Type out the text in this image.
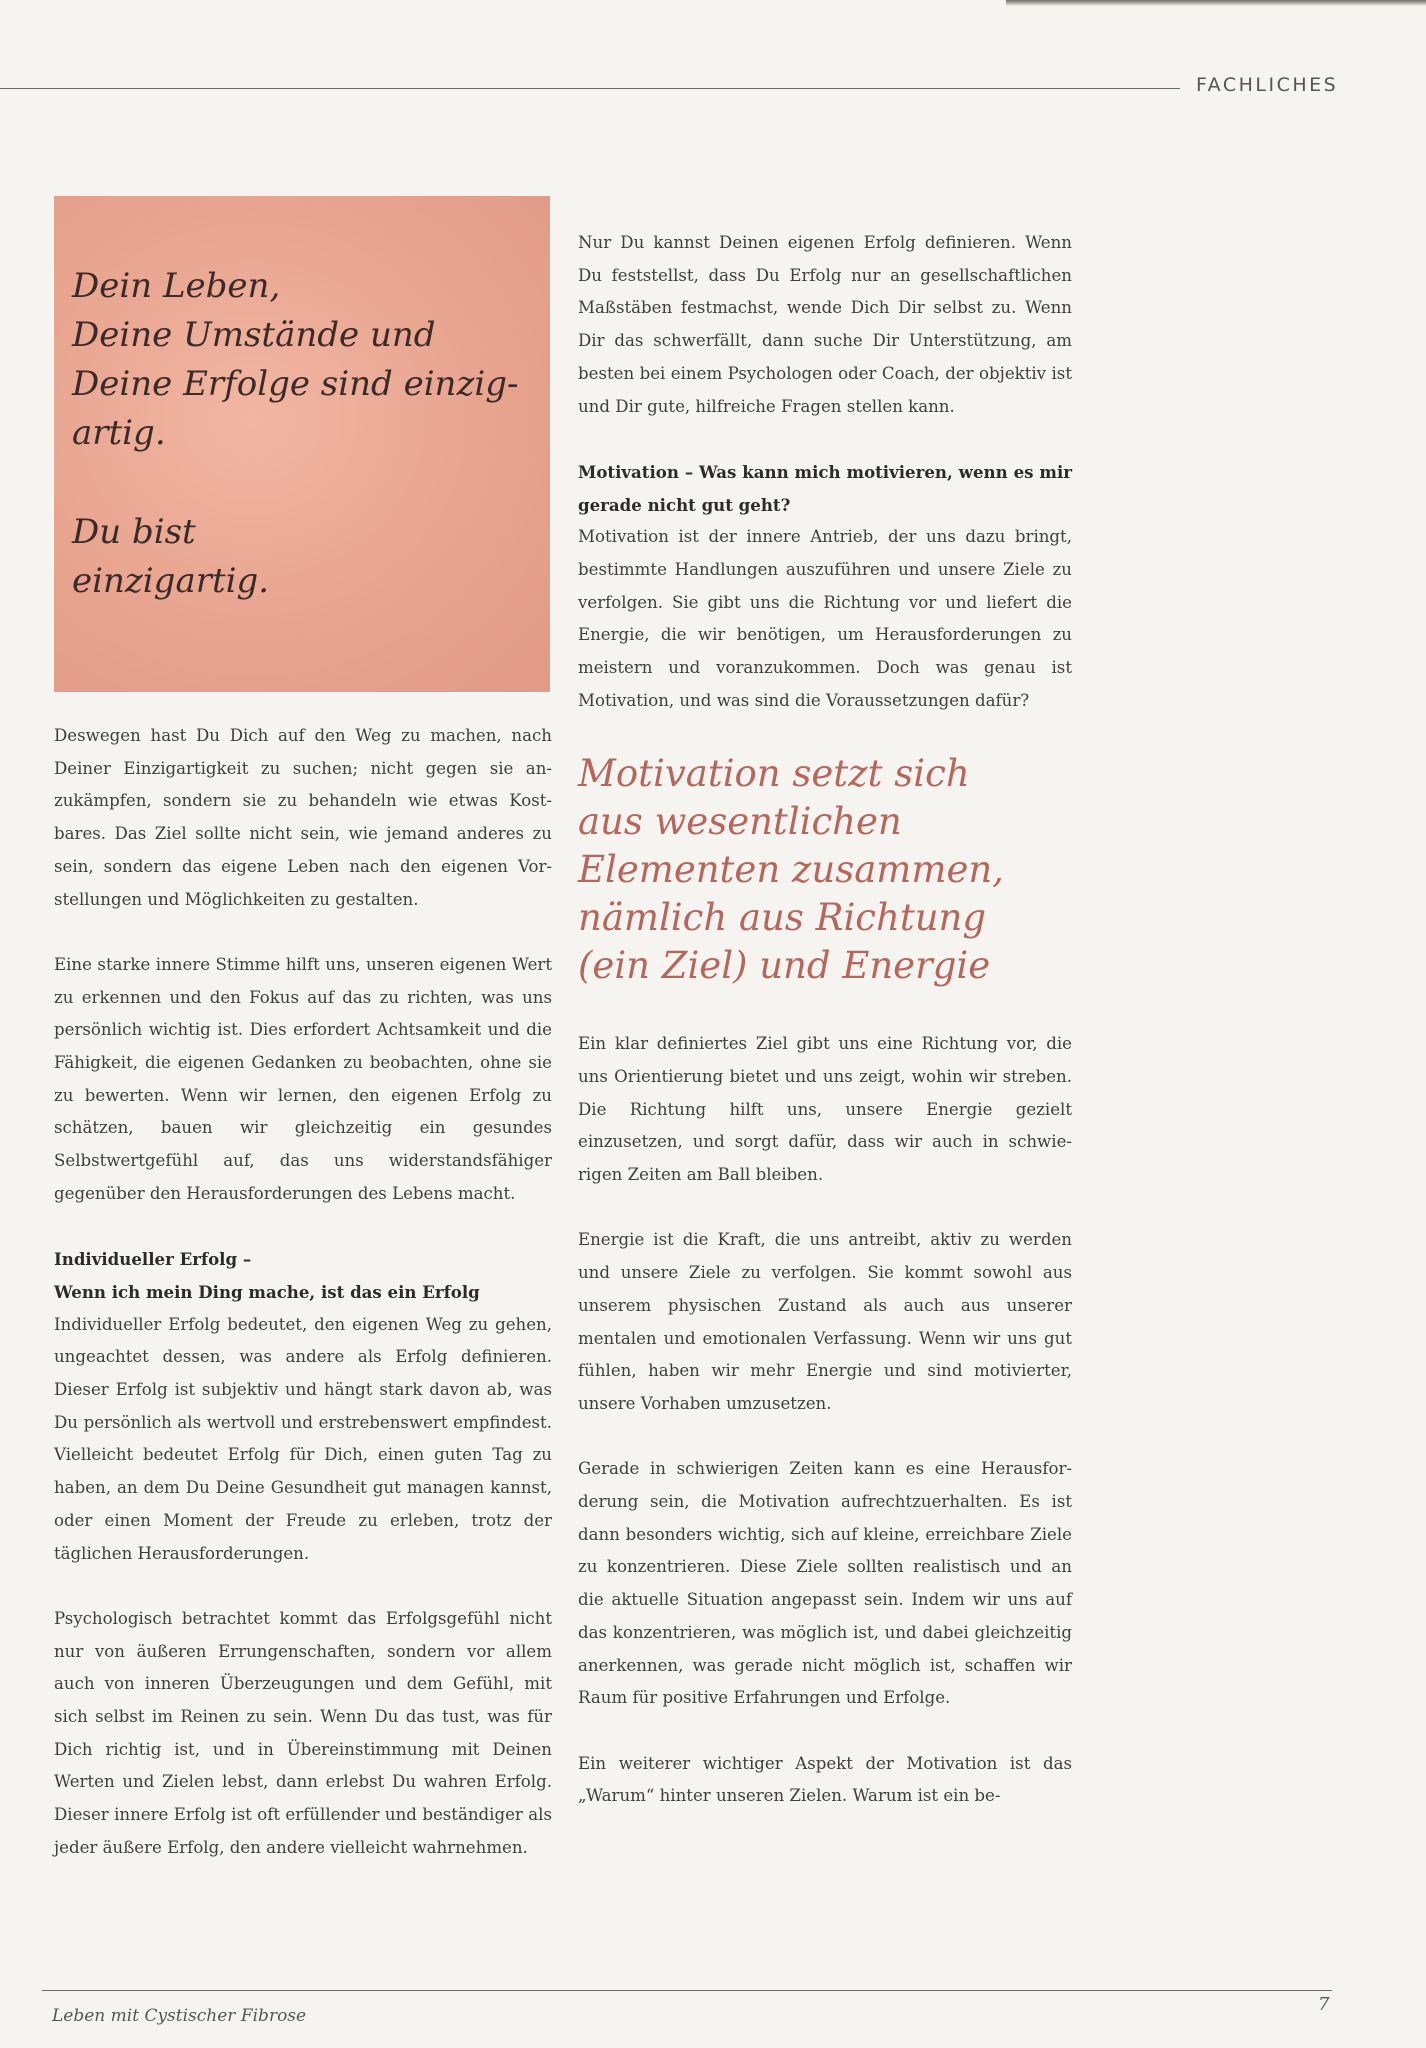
FACHLICHES

Dein Leben,

Deine Umstände und

Deine Erfolge sind einzig-

artig.

Du bist

einzigartig.

Deswegen hast Du Dich auf den Weg zu machen, nach Deiner Einzigartigkeit zu suchen; nicht gegen sie anzukämpfen, sondern sie zu behandeln wie etwas Kostbares. Das Ziel sollte nicht sein, wie jemand anderes zu sein, sondern das eigene Leben nach den eigenen Vorstellungen und Möglichkeiten zu gestalten.

Eine starke innere Stimme hilft uns, unseren eigenen Wert zu erkennen und den Fokus auf das zu richten, was uns persönlich wichtig ist. Dies erfordert Achtsamkeit und die Fähigkeit, die eigenen Gedanken zu beobachten, ohne sie zu bewerten. Wenn wir lernen, den eigenen Erfolg zu schätzen, bauen wir gleichzeitig ein gesundes Selbstwertgefühl auf, das uns widerstandsfähiger gegenüber den Herausforderungen des Lebens macht.

Individueller Erfolg –

Wenn ich mein Ding mache, ist das ein Erfolg

Individueller Erfolg bedeutet, den eigenen Weg zu gehen, ungeachtet dessen, was andere als Erfolg definieren. Dieser Erfolg ist subjektiv und hängt stark davon ab, was Du persönlich als wertvoll und erstrebenswert empfindest. Vielleicht bedeutet Erfolg für Dich, einen guten Tag zu haben, an dem Du Deine Gesundheit gut managen kannst, oder einen Moment der Freude zu erleben, trotz der täglichen Herausforderungen.

Psychologisch betrachtet kommt das Erfolgsgefühl nicht nur von äußeren Errungenschaften, sondern vor allem auch von inneren Überzeugungen und dem Gefühl, mit sich selbst im Reinen zu sein. Wenn Du das tust, was für Dich richtig ist, und in Übereinstimmung mit Deinen Werten und Zielen lebst, dann erlebst Du wahren Erfolg. Dieser innere Erfolg ist oft erfüllender und beständiger als jeder äußere Erfolg, den andere vielleicht wahrnehmen.

Nur Du kannst Deinen eigenen Erfolg definieren. Wenn Du feststellst, dass Du Erfolg nur an gesellschaftlichen Maßstäben festmachst, wende Dich Dir selbst zu. Wenn Dir das schwerfällt, dann suche Dir Unterstützung, am besten bei einem Psychologen oder Coach, der objektiv ist und Dir gute, hilfreiche Fragen stellen kann.

Motivation – Was kann mich motivieren, wenn es mir gerade nicht gut geht?

Motivation ist der innere Antrieb, der uns dazu bringt, bestimmte Handlungen auszuführen und unsere Ziele zu verfolgen. Sie gibt uns die Richtung vor und liefert die Energie, die wir benötigen, um Herausforderungen zu meistern und voranzukommen. Doch was genau ist Motivation, und was sind die Voraussetzungen dafür?

Motivation setzt sich
aus wesentlichen
Elementen zusammen,
nämlich aus Richtung
(ein Ziel) und Energie

Ein klar definiertes Ziel gibt uns eine Richtung vor, die uns Orientierung bietet und uns zeigt, wohin wir streben. Die Richtung hilft uns, unsere Energie gezielt einzusetzen, und sorgt dafür, dass wir auch in schwierigen Zeiten am Ball bleiben.

Energie ist die Kraft, die uns antreibt, aktiv zu werden und unsere Ziele zu verfolgen. Sie kommt sowohl aus unserem physischen Zustand als auch aus unserer mentalen und emotionalen Verfassung. Wenn wir uns gut fühlen, haben wir mehr Energie und sind motivierter, unsere Vorhaben umzusetzen.

Gerade in schwierigen Zeiten kann es eine Herausforderung sein, die Motivation aufrechtzuerhalten. Es ist dann besonders wichtig, sich auf kleine, erreichbare Ziele zu konzentrieren. Diese Ziele sollten realistisch und an die aktuelle Situation angepasst sein. Indem wir uns auf das konzentrieren, was möglich ist, und dabei gleichzeitig anerkennen, was gerade nicht möglich ist, schaffen wir Raum für positive Erfahrungen und Erfolge.

Ein weiterer wichtiger Aspekt der Motivation ist das „Warum“ hinter unseren Zielen. Warum ist ein be-

Leben mit Cystischer Fibrose
7
